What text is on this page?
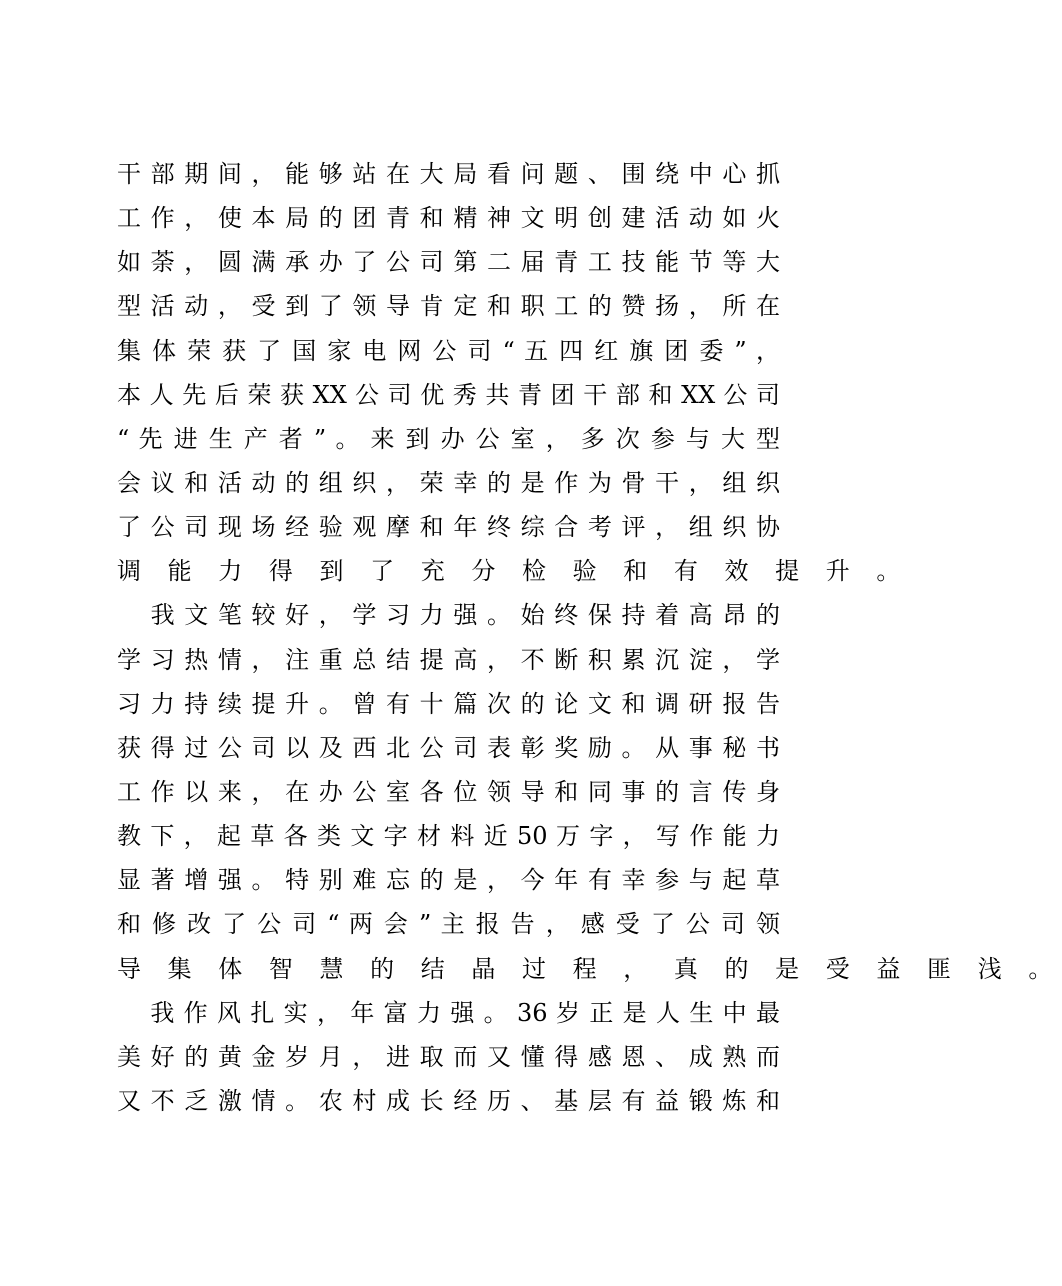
干 部 期 间 ， 能 够 站 在 大 局 看 问 题 、 围 绕 中 心 抓
工 作 ， 使 本 局 的 团 青 和 精 神 文 明 创 建 活 动 如 火
如 荼 ， 圆 满 承 办 了 公 司 第 二 届 青 工 技 能 节 等 大
型 活 动 ， 受 到 了 领 导 肯 定 和 职 工 的 赞 扬 ， 所 在
集 体 荣 获 了 国 家 电 网 公 司 “ 五 四 红 旗 团 委 ” ，
本 人 先 后 荣 获 XX 公 司 优 秀 共 青 团 干 部 和 XX 公 司
“ 先 进 生 产 者 ” 。 来 到 办 公 室 ， 多 次 参 与 大 型
会 议 和 活 动 的 组 织 ， 荣 幸 的 是 作 为 骨 干 ， 组 织
了 公 司 现 场 经 验 观 摩 和 年 终 综 合 考 评 ， 组 织 协
调 能 力 得 到 了 充 分 检 验 和 有 效 提 升 。
　 我 文 笔 较 好 ， 学 习 力 强 。 始 终 保 持 着 高 昂 的
学 习 热 情 ， 注 重 总 结 提 高 ， 不 断 积 累 沉 淀 ， 学
习 力 持 续 提 升 。 曾 有 十 篇 次 的 论 文 和 调 研 报 告
获 得 过 公 司 以 及 西 北 公 司 表 彰 奖 励 。 从 事 秘 书
工 作 以 来 ， 在 办 公 室 各 位 领 导 和 同 事 的 言 传 身
教 下 ， 起 草 各 类 文 字 材 料 近 50 万 字 ， 写 作 能 力
显 著 增 强 。 特 别 难 忘 的 是 ， 今 年 有 幸 参 与 起 草
和 修 改 了 公 司 “ 两 会 ” 主 报 告 ， 感 受 了 公 司 领
导 集 体 智 慧 的 结 晶 过 程 ， 真 的 是 受 益 匪 浅 。
　 我 作 风 扎 实 ， 年 富 力 强 。 36 岁 正 是 人 生 中 最
美 好 的 黄 金 岁 月 ， 进 取 而 又 懂 得 感 恩 、 成 熟 而
又 不 乏 激 情 。 农 村 成 长 经 历 、 基 层 有 益 锻 炼 和
